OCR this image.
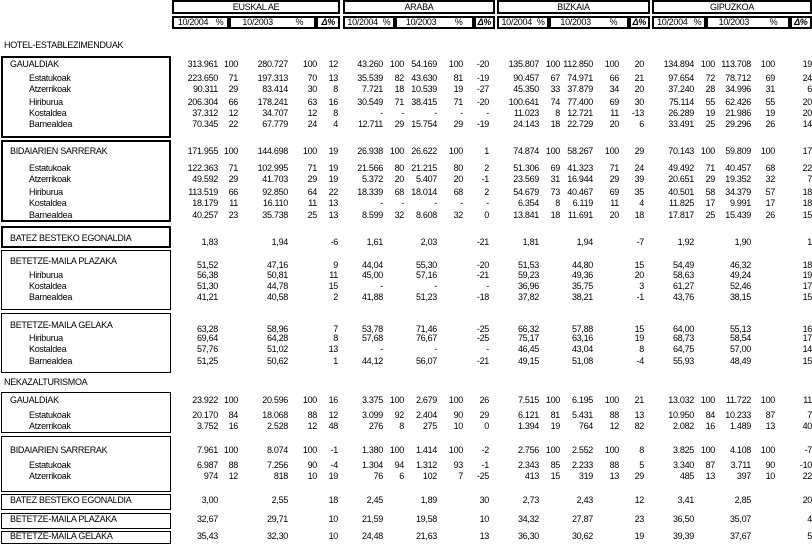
EUSKAL AE
10/2004 % 10/2003	% Δ%
ARABA
10/2004 % 10/2003 % Δ%
BIZKAIA
10/2004 % 10/2003 % Δ%
GIPUZKOA
10/2004 % 10/2003 % Δ%
HOTEL-ESTABLEZIMENDUAK
GAUALDIAK	313.961 100 280.727 100 12 43.260 100 54.169 100 -20 135.807 100 112.850 100 20 134.894 100 113.708 100	19
Estatukoak	223.650 71 197.313 70 13 35.539 82 43.630 81 -19	90.457 67 74.971 66 21	97.654 72 78.712 69	24
Atzerrikoak	90.311 29	83.414 30 8	7.721 18 10.539 19 -27	45.350 33 37.879 34 20	37.240 28 34.996 31	6
Hiriburua	206.304 66 178.241 63 16 30.549 71 38.415 71 -20 100.641 74 77.400 69 30	75.114 55 62.426 55	20
Kostaldea	37.312 12	34.707 12 8	- -	-	-	-	11.023 8 12.721 11 -13	26.289 19 21.986 19	20
Barnealdea	70.345 22	67.779 24 4 12.711 29 15.754 29 -19	24.143 18 22.729 20 6	33.491 25 29.296 26	14
BIDAIARIEN SARRERAK	171.955 100 144.698 100 19 26.938 100 26.622 100 1	74.874 100 58.267 100 29	70.143 100 59.809 100	17
Estatukoak	122.363 71 102.995 71 19 21.566 80 21.215 80 2	51.306 69 41.323 71 24	49.492 71 40.457 68	22
Atzerrikoak	49.592 29	41.703 29 19	5.372 20 5.407 20 -1	23.569 31 16.944 29 39	20.651 29 19.352 32	7
Hiriburua	113.519 66	92.850 64 22 18.339 68 18.014 68 2	54.679 73 40.467 69 35	40.501 58 34.379 57	18
Kostaldea	18.179 11	16.110 11 13	- -	-	-	-	6.354 8 6.119 11 4	11.825 17 9.991 17	18
Barnealdea	40.257 23	35.738 25 13	8.599 32 8.608 32 0	13.841 18 11.691 20 18	17.817 25 15.439 26	15
BATEZ BESTEKO EGONALDIA	1,83	1,94	-6	1,61	2,03	-21	1,81	1,94	-7	1,92	1,90	1
BETETZE-MAILA PLAZAKA	51,52	47,16	9	44,04	55,30	-20	51,53	44,80	15	54,49	46,32	18
Hiriburua	56,38	50,81	11	45,00	57,16	-21	59,23	49,36	20	58,63	49,24	19
Kostaldea	51,30	44,78	15	-	-	-	36,96	35,75	3	61,27	52,46	17
Barnealdea	41,21	40,58	2	41,88	51,23	-18	37,82	38,21	-1	43,76	38,15	15
BETETZE-MAILA GELAKA	63,28	58,96	7	53,78	71,46	-25	66,32	57,88	15	64,00	55,13	16
Hiriburua	69,64	64,28	8	57,68	76,67	-25	75,17	63,16	19	68,73	58,54	17
Kostaldea	57,76	51,02	13	-	-	-	46,45	43,04	8	64,75	57,00	14
Barnealdea	51,25	50,62	1	44,12	56,07	-21	49,15	51,08	-4	55,93	48,49	15
NEKAZALTURISMOA
GAUALDIAK	23.922 100	20.596 100 16	3.375 100 2.679 100 26	7.515 100 6.195 100 21	13.032 100 11.722 100	11
Estatukoak	20.170 84	18.068 88 12	3.099 92 2.404 90 29	6.121 81 5.431 88 13	10.950 84 10.233 87	7
Atzerrikoak	3.752 16	2.528 12 48	276 8 275 10 0	1.394 19 764 12 82	2.082 16 1.489 13	40
BIDAIARIEN SARRERAK	7.961 100	8.074 100 -1	1.380 100 1.414 100 -2	2.756 100 2.552 100 8	3.825 100 4.108 100	-7
Estatukoak	6.987 88	7.256 90 -4	1.304 94 1.312 93 -1	2.343 85 2.233 88 5	3.340 87 3.711 90	-10
Atzerrikoak	974 12	818 10 19	76 6 102 7 -25	413 15 319 13 29	485 13 397 10	22
BATEZ BESTEKO EGONALDIA	3,00	2,55	18	2,45	1,89	30	2,73	2,43	12	3,41	2,85	20
BETETZE-MAILA PLAZAKA	32,67	29,71	10	21,59	19,58	10	34,32	27,87	23	36,50	35,07	4
BETETZE-MAILA GELAKA	35,43	32,30	10	24,48	21,63	13	36,30	30,62	19	39,39	37,67	5
